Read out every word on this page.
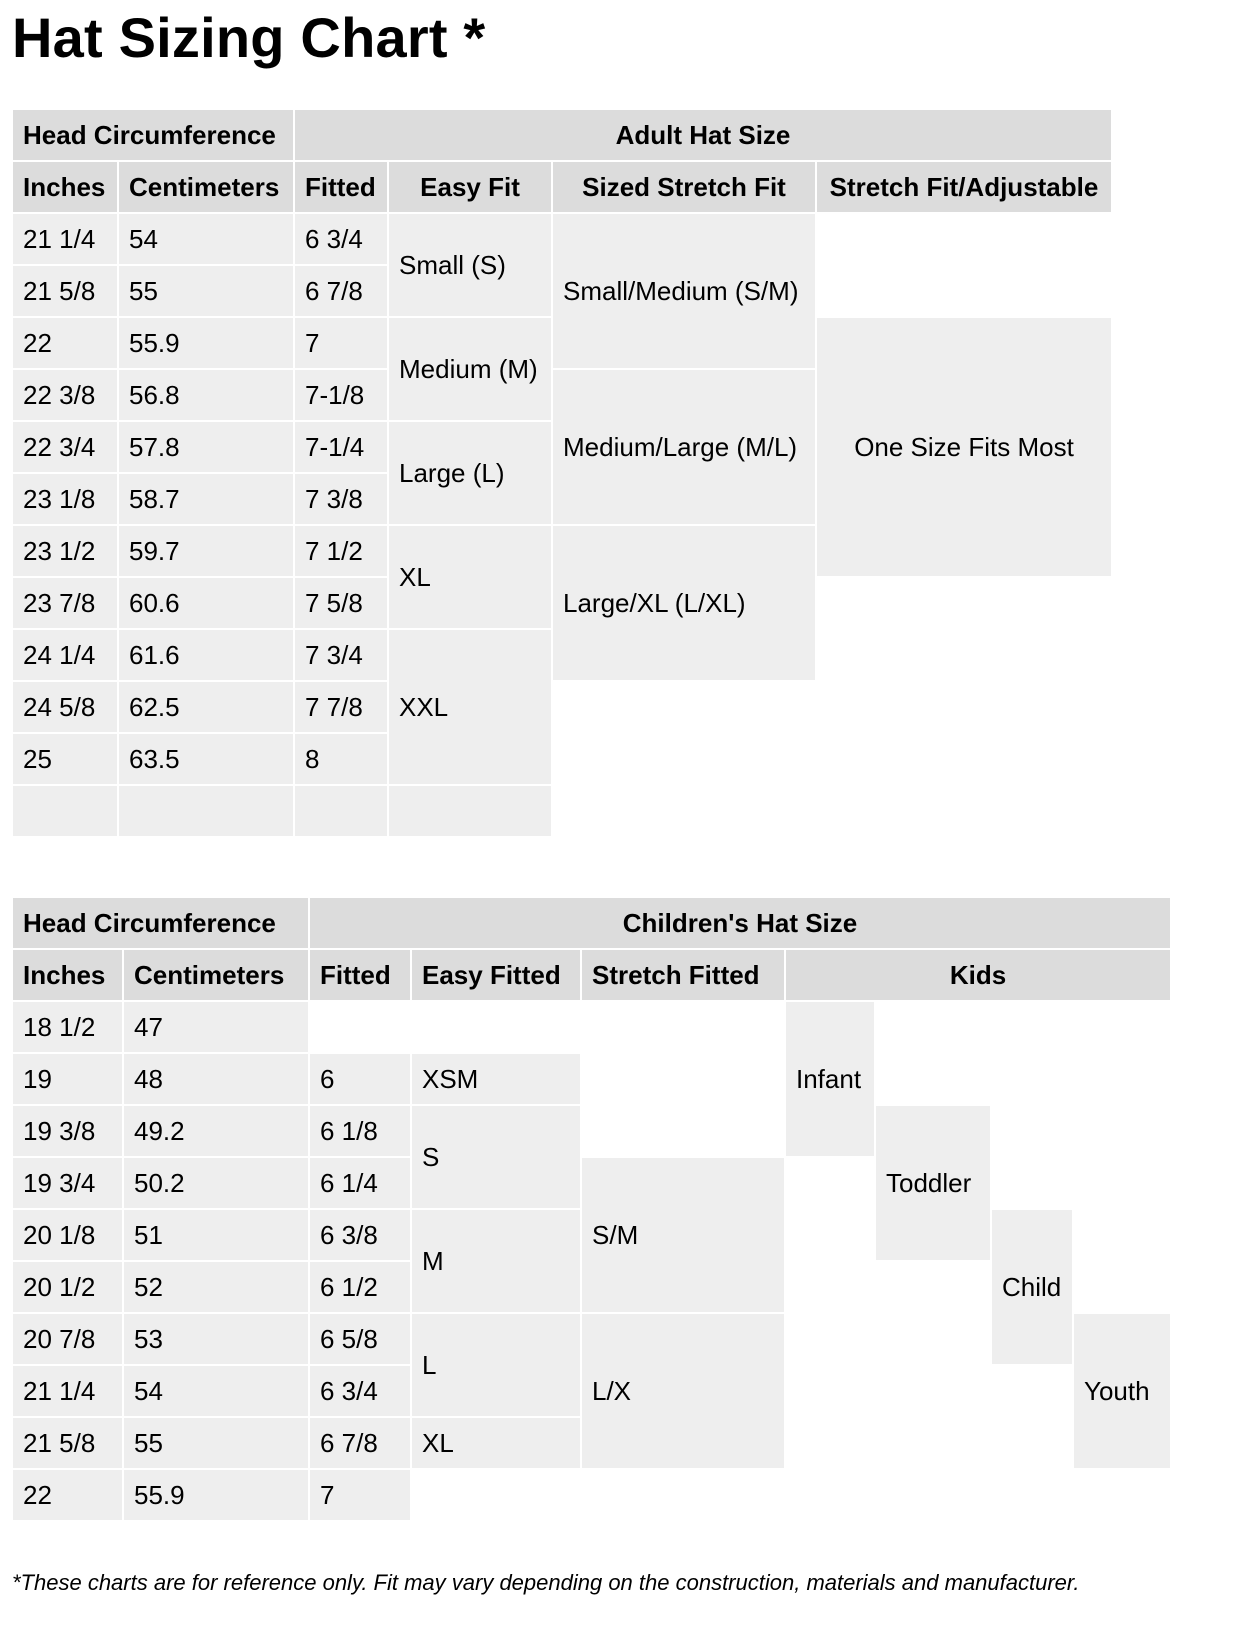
Hat Sizing Chart *
Head Circumference		Adult Hat Size				
Inches	Centimeters	Fitted	Easy Fit	Sized Stretch Fit	Stretch Fit/Adjustable	
21 1/4	54	6 3/4	Small (S)	Small/Medium (S/M)		
21 5/8	55	6 7/8				
22	55.9	7	Medium (M)		One Size Fits Most	
22 3/8	56.8	7-1/8		Medium/Large (M/L)		
22 3/4	57.8	7-1/4	Large (L)			
23 1/8	58.7	7 3/8				
23 1/2	59.7	7 1/2	XL	Large/XL (L/XL)		
23 7/8	60.6	7 5/8				
24 1/4	61.6	7 3/4	XXL			
24 5/8	62.5	7 7/8				
25	63.5	8				

Head Circumference		Children's Hat Size						
Inches	Centimeters	Fitted	Easy Fitted	Stretch Fitted	Kids			
18 1/2	47				Infant			
19	48	6	XSM					
19 3/8	49.2	6 1/8	S			Toddler		
19 3/4	50.2	6 1/4		S/M				
20 1/8	51	6 3/8	M				Child	
20 1/2	52	6 1/2						
20 7/8	53	6 5/8	L	L/X				Youth
21 1/4	54	6 3/4						
21 5/8	55	6 7/8	XL					
22	55.9	7						

*These charts are for reference only. Fit may vary depending on the construction, materials and manufacturer.
